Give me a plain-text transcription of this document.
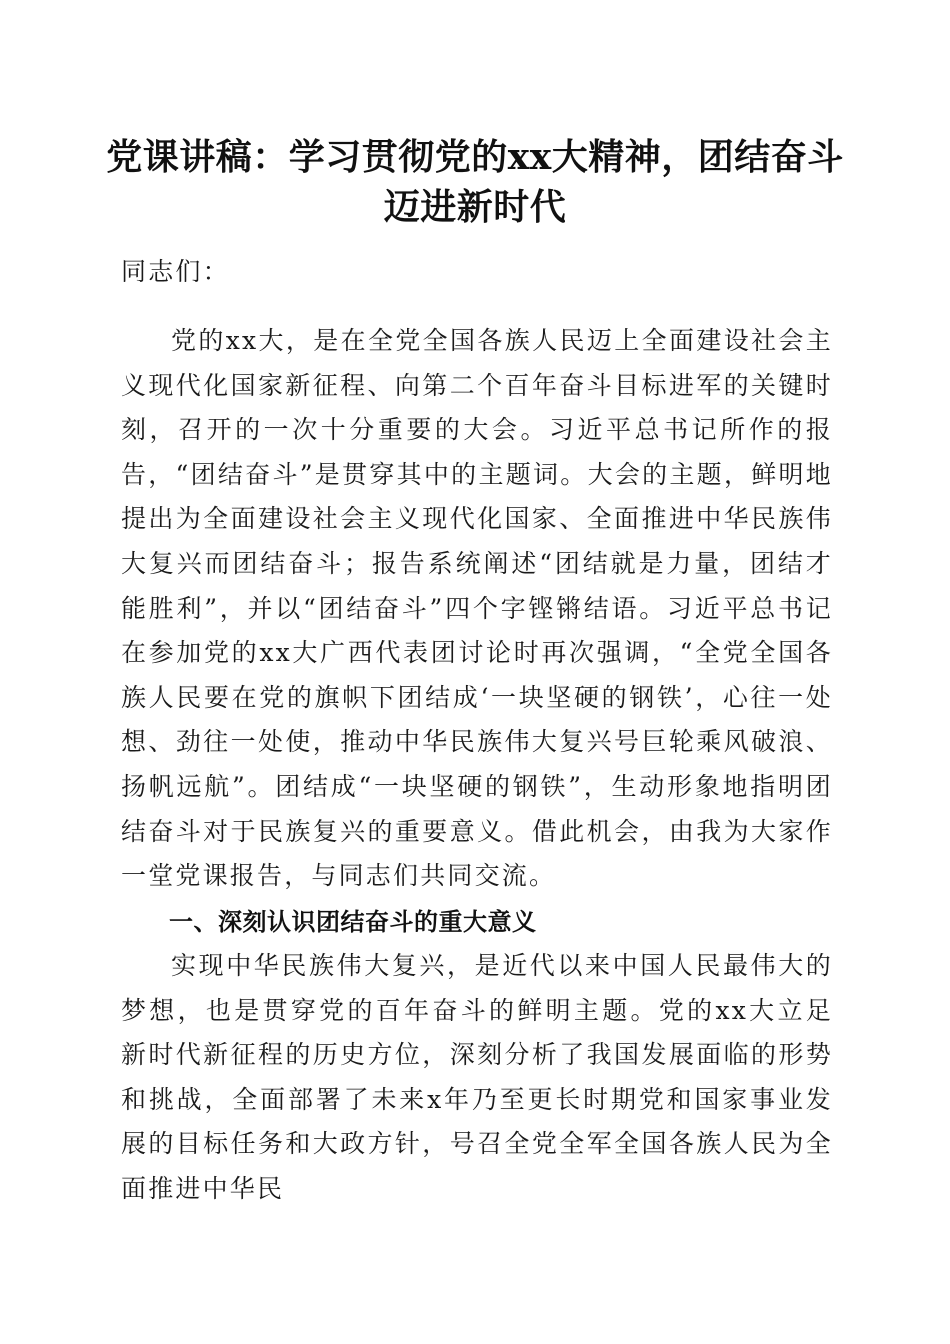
党课讲稿：学习贯彻党的xx大精神，团结奋斗迈进新时代

同志们：

党的xx大，是在全党全国各族人民迈上全面建设社会主义现代化国家新征程、向第二个百年奋斗目标进军的关键时刻，召开的一次十分重要的大会。习近平总书记所作的报告，“团结奋斗”是贯穿其中的主题词。大会的主题，鲜明地提出为全面建设社会主义现代化国家、全面推进中华民族伟大复兴而团结奋斗；报告系统阐述“团结就是力量，团结才能胜利”，并以“团结奋斗”四个字铿锵结语。习近平总书记在参加党的xx大广西代表团讨论时再次强调，“全党全国各族人民要在党的旗帜下团结成‘一块坚硬的钢铁’，心往一处想、劲往一处使，推动中华民族伟大复兴号巨轮乘风破浪、扬帆远航”。团结成“一块坚硬的钢铁”，生动形象地指明团结奋斗对于民族复兴的重要意义。借此机会，由我为大家作一堂党课报告，与同志们共同交流。

一、深刻认识团结奋斗的重大意义

实现中华民族伟大复兴，是近代以来中国人民最伟大的梦想，也是贯穿党的百年奋斗的鲜明主题。党的xx大立足新时代新征程的历史方位，深刻分析了我国发展面临的形势和挑战，全面部署了未来x年乃至更长时期党和国家事业发展的目标任务和大政方针，号召全党全军全国各族人民为全面推进中华民
